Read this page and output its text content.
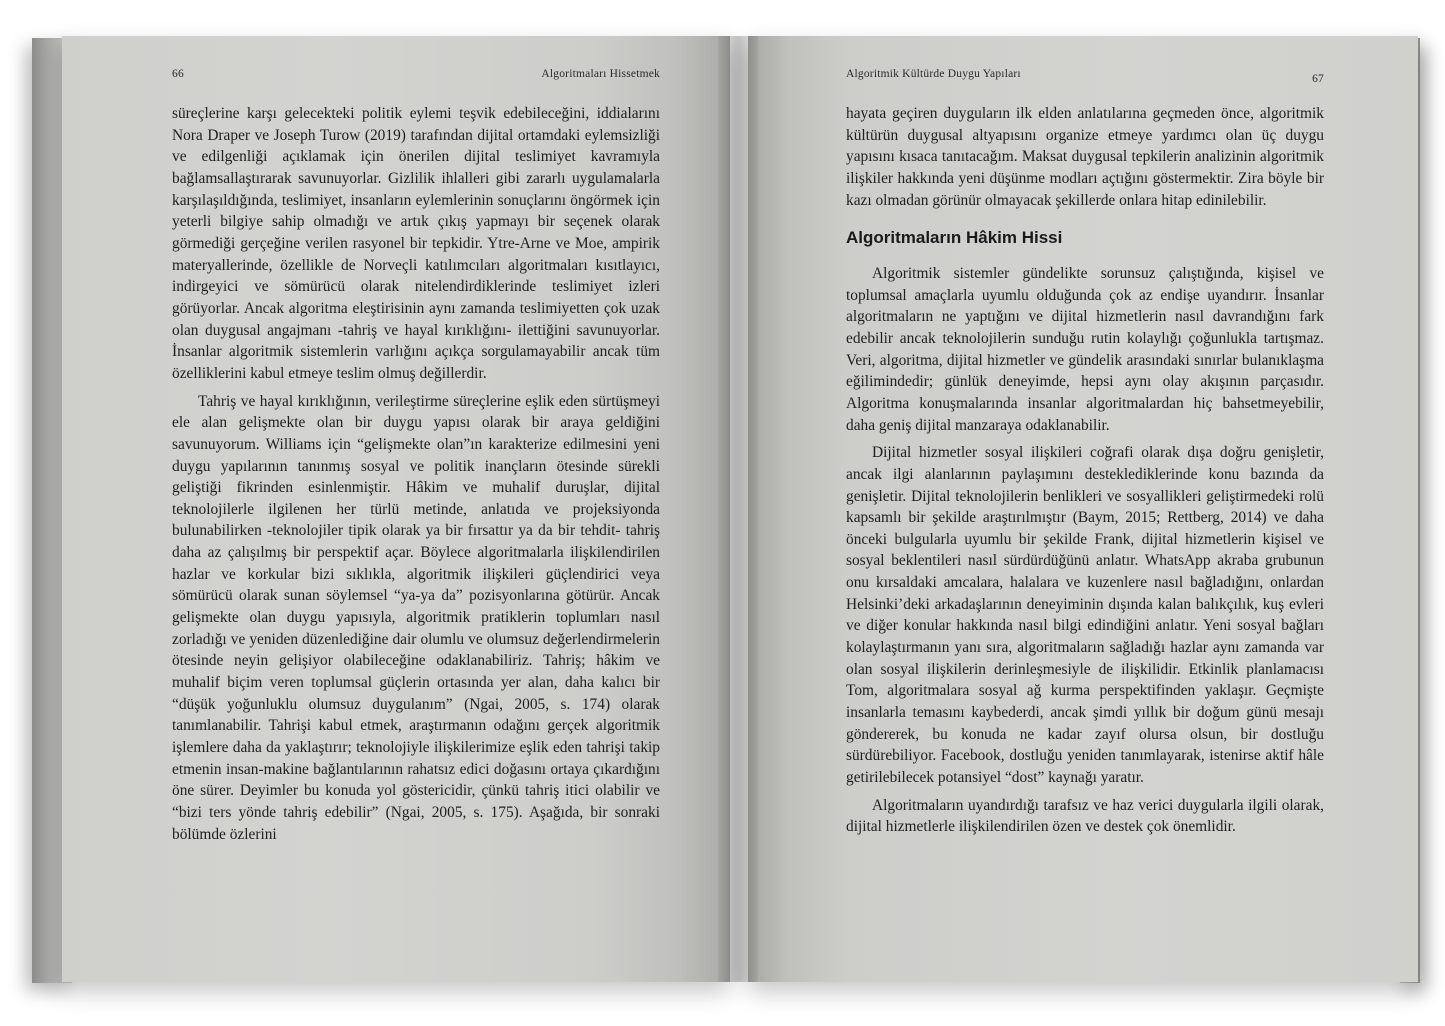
66	Algoritmaları Hissetmek	Algoritmik Kültürde Duygu Yapıları	67

süreçlerine karşı gelecekteki politik eylemi teşvik edebileceğini, iddialarını Nora Draper ve Joseph Turow (2019) tarafından dijital ortamdaki eylemsizliği ve edilgenliği açıklamak için önerilen dijital teslimiyet kavramıyla bağlamsallaştırarak savunuyorlar. Gizlilik ihlalleri gibi zararlı uygulamalarla karşılaşıldığında, teslimiyet, insanların eylemlerinin sonuçlarını öngörmek için yeterli bilgiye sahip olmadığı ve artık çıkış yapmayı bir seçenek olarak görmediği gerçeğine verilen rasyonel bir tepkidir. Ytre-Arne ve Moe, ampirik materyallerinde, özellikle de Norveçli katılımcıları algoritmaları kısıtlayıcı, indirgeyici ve sömürücü olarak nitelendirdiklerinde teslimiyet izleri görüyorlar. Ancak algoritma eleştirisinin aynı zamanda teslimiyetten çok uzak olan duygusal angajmanı -tahriş ve hayal kırıklığını- ilettiğini savunuyorlar. İnsanlar algoritmik sistemlerin varlığını açıkça sorgulamayabilir ancak tüm özelliklerini kabul etmeye teslim olmuş değillerdir.

Tahriş ve hayal kırıklığının, verileştirme süreçlerine eşlik eden sürtüşmeyi ele alan gelişmekte olan bir duygu yapısı olarak bir araya geldiğini savunuyorum. Williams için “gelişmekte olan”ın karakterize edilmesini yeni duygu yapılarının tanınmış sosyal ve politik inançların ötesinde sürekli geliştiği fikrinden esinlenmiştir. Hâkim ve muhalif duruşlar, dijital teknolojilerle ilgilenen her türlü metinde, anlatıda ve projeksiyonda bulunabilirken -teknolojiler tipik olarak ya bir fırsattır ya da bir tehdit- tahriş daha az çalışılmış bir perspektif açar. Böylece algoritmalarla ilişkilendirilen hazlar ve korkular bizi sıklıkla, algoritmik ilişkileri güçlendirici veya sömürücü olarak sunan söylemsel “ya-ya da” pozisyonlarına götürür. Ancak gelişmekte olan duygu yapısıyla, algoritmik pratiklerin toplumları nasıl zorladığı ve yeniden düzenlediğine dair olumlu ve olumsuz değerlendirmelerin ötesinde neyin gelişiyor olabileceğine odaklanabiliriz. Tahriş; hâkim ve muhalif biçim veren toplumsal güçlerin ortasında yer alan, daha kalıcı bir “düşük yoğunluklu olumsuz duygulanım” (Ngai, 2005, s. 174) olarak tanımlanabilir. Tahrişi kabul etmek, araştırmanın odağını gerçek algoritmik işlemlere daha da yaklaştırır; teknolojiyle ilişkilerimize eşlik eden tahrişi takip etmenin insan-makine bağlantılarının rahatsız edici doğasını ortaya çıkardığını öne sürer. Deyimler bu konuda yol göstericidir, çünkü tahriş itici olabilir ve “bizi ters yönde tahriş edebilir” (Ngai, 2005, s. 175). Aşağıda, bir sonraki bölümde özlerini

hayata geçiren duyguların ilk elden anlatılarına geçmeden önce, algoritmik kültürün duygusal altyapısını organize etmeye yardımcı olan üç duygu yapısını kısaca tanıtacağım. Maksat duygusal tepkilerin analizinin algoritmik ilişkiler hakkında yeni düşünme modları açtığını göstermektir. Zira böyle bir kazı olmadan görünür olmayacak şekillerde onlara hitap edinilebilir.

Algoritmaların Hâkim Hissi

Algoritmik sistemler gündelikte sorunsuz çalıştığında, kişisel ve toplumsal amaçlarla uyumlu olduğunda çok az endişe uyandırır. İnsanlar algoritmaların ne yaptığını ve dijital hizmetlerin nasıl davrandığını fark edebilir ancak teknolojilerin sunduğu rutin kolaylığı çoğunlukla tartışmaz. Veri, algoritma, dijital hizmetler ve gündelik arasındaki sınırlar bulanıklaşma eğilimindedir; günlük deneyimde, hepsi aynı olay akışının parçasıdır. Algoritma konuşmalarında insanlar algoritmalardan hiç bahsetmeyebilir, daha geniş dijital manzaraya odaklanabilir.

Dijital hizmetler sosyal ilişkileri coğrafi olarak dışa doğru genişletir, ancak ilgi alanlarının paylaşımını desteklediklerinde konu bazında da genişletir. Dijital teknolojilerin benlikleri ve sosyallikleri geliştirmedeki rolü kapsamlı bir şekilde araştırılmıştır (Baym, 2015; Rettberg, 2014) ve daha önceki bulgularla uyumlu bir şekilde Frank, dijital hizmetlerin kişisel ve sosyal beklentileri nasıl sürdürdüğünü anlatır. WhatsApp akraba grubunun onu kırsaldaki amcalara, halalara ve kuzenlere nasıl bağladığını, onlardan Helsinki’deki arkadaşlarının deneyiminin dışında kalan balıkçılık, kuş evleri ve diğer konular hakkında nasıl bilgi edindiğini anlatır. Yeni sosyal bağları kolaylaştırmanın yanı sıra, algoritmaların sağladığı hazlar aynı zamanda var olan sosyal ilişkilerin derinleşmesiyle de ilişkilidir. Etkinlik planlamacısı Tom, algoritmalara sosyal ağ kurma perspektifinden yaklaşır. Geçmişte insanlarla temasını kaybederdi, ancak şimdi yıllık bir doğum günü mesajı göndererek, bu konuda ne kadar zayıf olursa olsun, bir dostluğu sürdürebiliyor. Facebook, dostluğu yeniden tanımlayarak, istenirse aktif hâle getirilebilecek potansiyel “dost” kaynağı yaratır.

Algoritmaların uyandırdığı tarafsız ve haz verici duygularla ilgili olarak, dijital hizmetlerle ilişkilendirilen özen ve destek çok önemlidir.
